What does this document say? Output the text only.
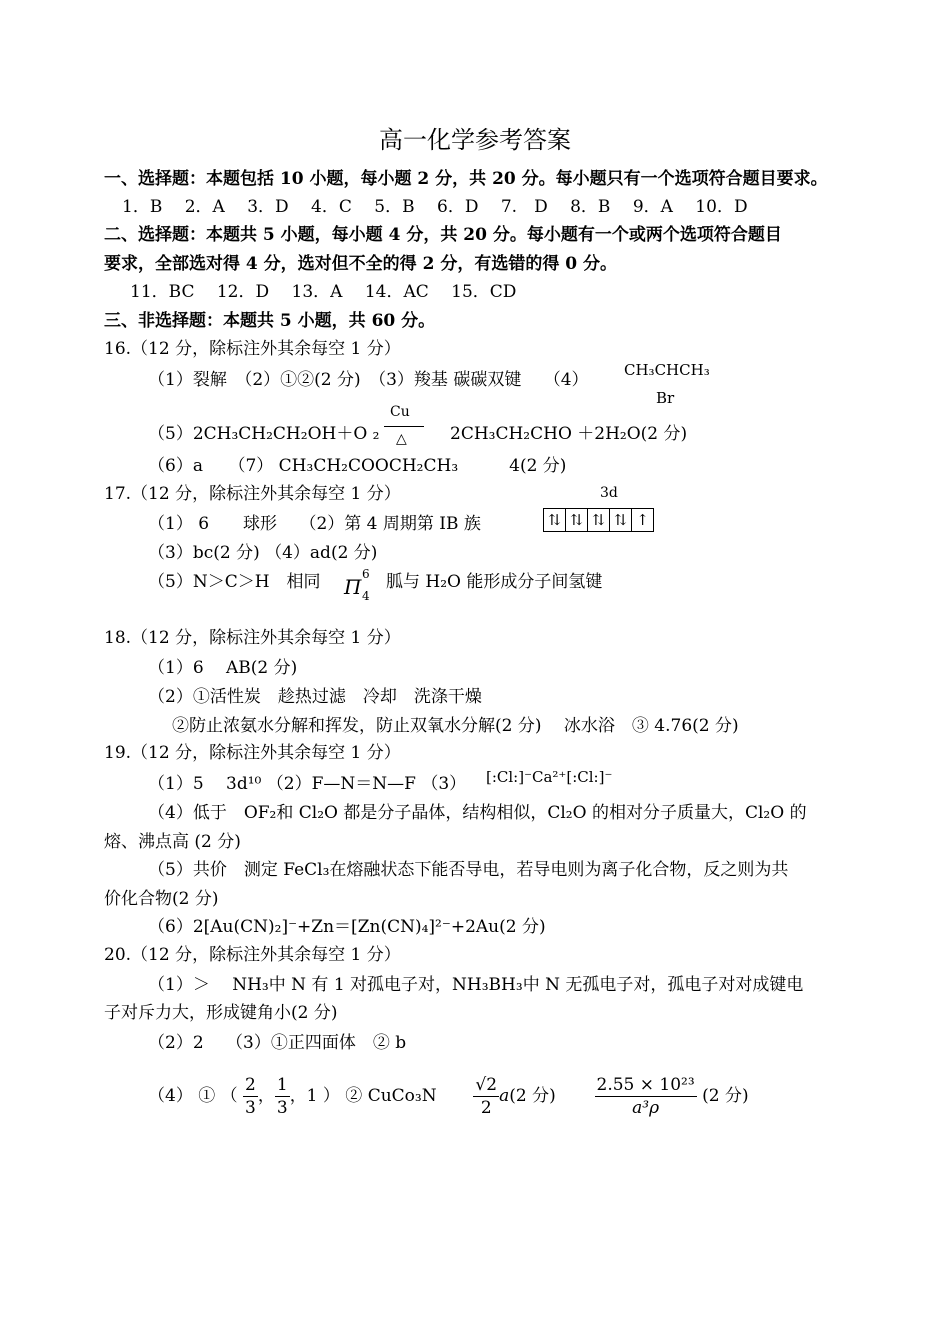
高一化学参考答案
一、选择题：本题包括 10 小题，每小题 2 分，共 20 分。每小题只有一个选项符合题目要求。
1．B　 2．A　 3．D　 4．C　 5．B　 6．D　 7.　D　 8．B　 9．A　 10．D
二、选择题：本题共 5 小题，每小题 4 分，共 20 分。每小题有一个或两个选项符合题目
要求，全部选对得 4 分，选对但不全的得 2 分，有选错的得 0 分。
11．BC　 12．D　 13．A　 14．AC　 15．CD
三、非选择题：本题共 5 小题，共 60 分。
16.（12 分，除标注外其余每空 1 分）
（1）裂解　（2）①②(2 分)　（3）羧基 碳碳双键　 （4） CH₃CHCH₃
Br
（5）2CH₃CH₂CH₂OH＋O ₂
Cu
△	2CH₃CH₂CHO ＋2H₂O(2 分)
（6）a　　（7） CH₃CH₂COOCH₂CH₃　　　4(2 分)
17.（12 分，除标注外其余每空 1 分）	3d
（1） 6　　球形　 （2）第 4 周期第 IB 族	⇅ ⇅ ⇅ ⇅ ↑
（3）bc(2 分) （4）ad(2 分)
（5）N＞C＞H　相同 Π
6
4
胍与 H₂O 能形成分子间氢键
18.（12 分，除标注外其余每空 1 分）
（1）6　 AB(2 分)
（2）①活性炭　趁热过滤　冷却　洗涤干燥
②防止浓氨水分解和挥发，防止双氧水分解(2 分)　 冰水浴　③ 4.76(2 分)
19.（12 分，除标注外其余每空 1 分）
（1）5　 3d¹⁰ （2）F—N＝N—F （3） [:Cl:]⁻Ca²⁺[:Cl:]⁻
（4）低于　OF₂和 Cl₂O 都是分子晶体，结构相似，Cl₂O 的相对分子质量大，Cl₂O 的
熔、沸点高 (2 分)
（5）共价　测定 FeCl₃在熔融状态下能否导电，若导电则为离子化合物，反之则为共
价化合物(2 分)
（6）2[Au(CN)₂]⁻+Zn＝[Zn(CN)₄]²⁻+2Au(2 分)
20.（12 分，除标注外其余每空 1 分）
（1）＞　 NH₃中 N 有 1 对孤电子对，NH₃BH₃中 N 无孤电子对，孤电子对对成键电
子对斥力大，形成键角小(2 分)
（2）2　 （3）①正四面体　② b
（4） ① （ $\frac{2}{3}$ ， $\frac{1}{3}$ ，1 ） ② CuCo₃N $\frac{√2}{2} a(2$ 分) $\frac{\text{2.55 × 10²³}}{\text{a³ρ}} (2$ 分)
